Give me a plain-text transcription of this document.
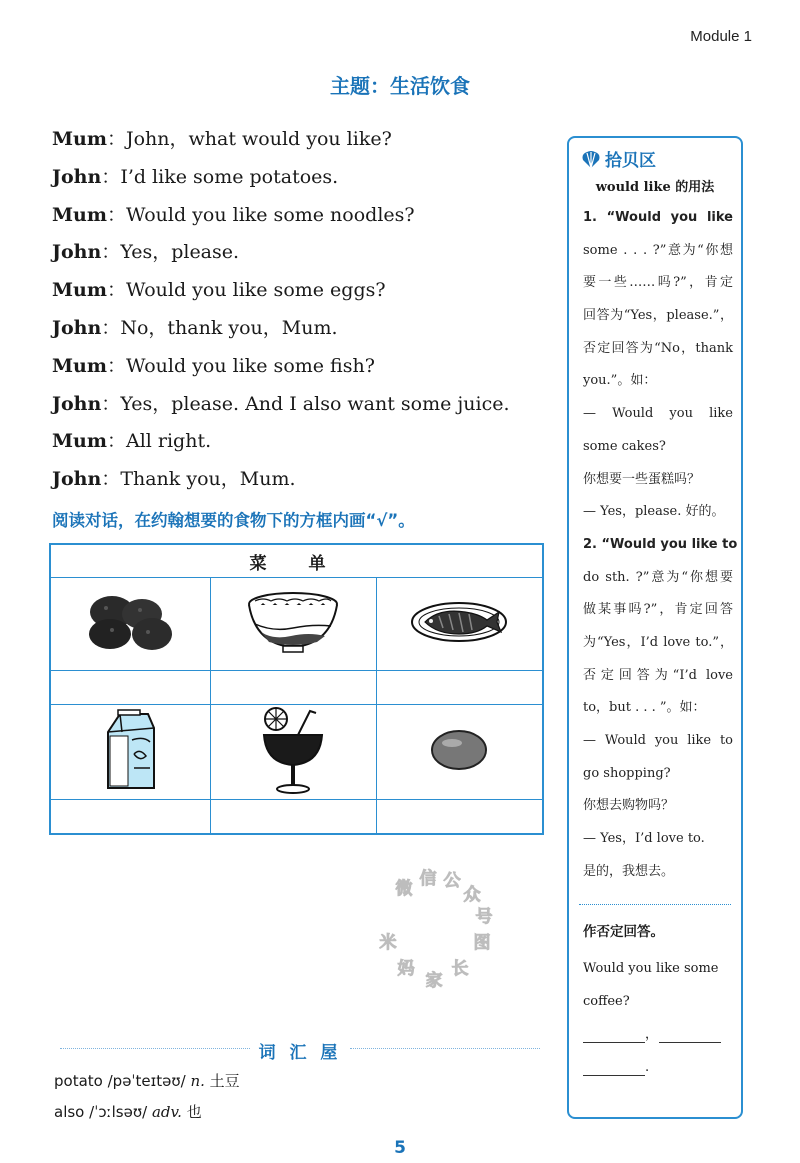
Module 1
主题：生活饮食
Mum：John，what would you like?
John：I’d like some potatoes.
Mum：Would you like some noodles?
John：Yes，please.
Mum：Would you like some eggs?
John：No，thank you，Mum.
Mum：Would you like some fish?
John：Yes，please. And I also want some juice.
Mum：All right.
John：Thank you，Mum.
阅读对话，在约翰想要的食物下的方框内画“√”。
菜 单		

微 信 公
众
号
图
长
家
妈
米
拾贝区
would like 的用法
1. “Would you like
some . . . ?”意为“你想
要一些……吗?”，肯定
回答为“Yes，please.”，
否定回答为“No，thank
you.”。如：
— Would you like
some cakes?
你想要一些蛋糕吗？
— Yes，please. 好的。
2. “Would you like to
do sth. ?”意为“你想要
做某事吗?”，肯定回答
为“Yes，I’d love to.”，
否定回答为“I’d love
to，but . . . ”。如：
— Would you like to
go shopping?
你想去购物吗？
— Yes，I’d love to.
是的，我想去。
作否定回答。
Would you like some
coffee?
，
.
词 汇 屋
potato /pəˈteɪtəʊ/ n. 土豆
also /ˈɔːlsəʊ/ adv. 也
5
